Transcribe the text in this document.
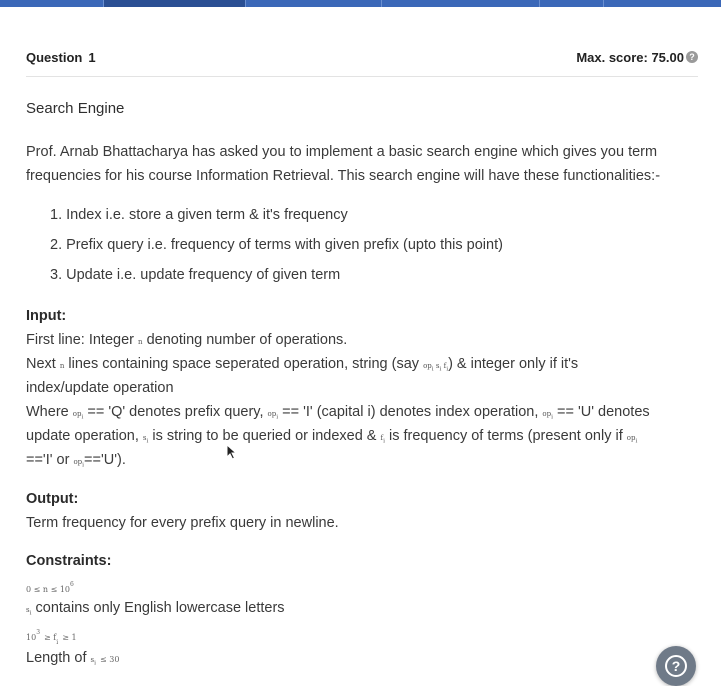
Question 1	Max. score: 75.00 ?
Search Engine
Prof. Arnab Bhattacharya has asked you to implement a basic search engine which gives you term
frequencies for his course Information Retrieval. This search engine will have these functionalities:-
1. Index i.e. store a given term & it's frequency
2. Prefix query i.e. frequency of terms with given prefix (upto this point)
3. Update i.e. update frequency of given term
Input:
First line: Integer n denoting number of operations.
Next n lines containing space seperated operation, string (say $op_i$ $s_i$ $f_i$) & integer only if it's
index/update operation
Where $op_i$ == 'Q' denotes prefix query, $op_i$ == 'I' (capital i) denotes index operation, $op_i$ == 'U' denotes
update operation, $s_i$ is string to be queried or indexed & $f_i$ is frequency of terms (present only if $op_i$
=='I' or $op_i=='U'$).
Output:
Term frequency for every prefix query in newline.
Constraints:
$0 \le n \le 10^6$
$s_i$ contains only English lowercase letters
$10^3 \ge f_i \ge 1$
Length of $s_i \le 30$	?
